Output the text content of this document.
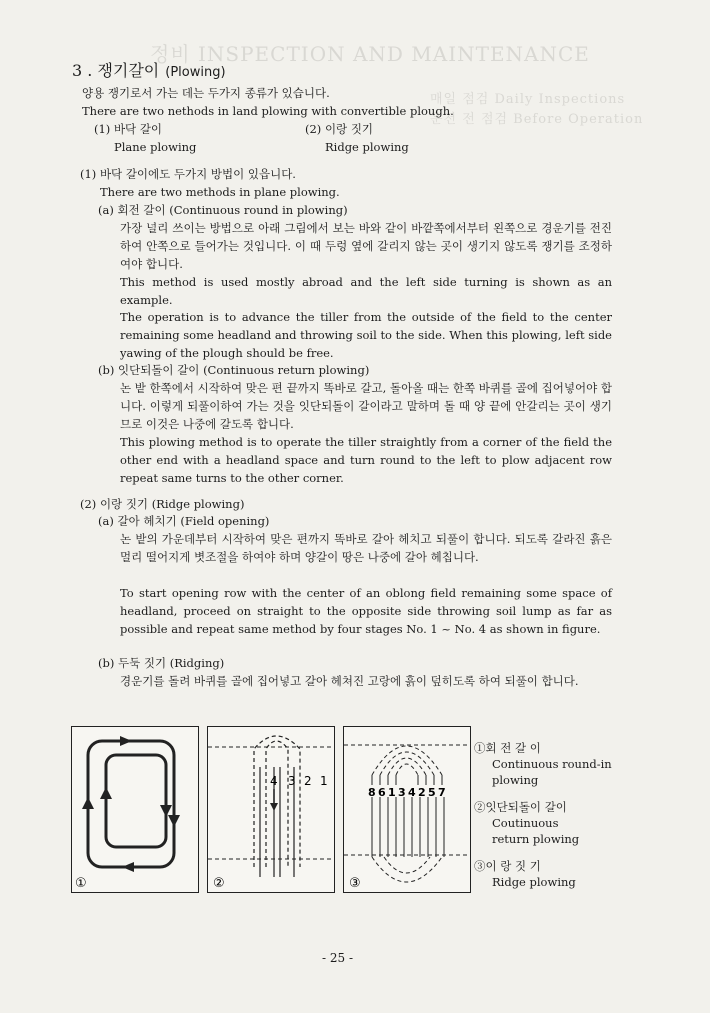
정비 INSPECTION AND MAINTENANCE
매일 점검 Daily Inspections
운전 전 점검 Before Operation
3 . 쟁기갈이 (Plowing)
양용 쟁기로서 가는 데는 두가지 종류가 있습니다.
There are two nethods in land plowing with convertible plough.
(1) 바닥 갈이	(2) 이랑 짓기
Plane plowing	Ridge plowing
(1) 바닥 갈이에도 두가지 방법이 있읍니다.
There are two methods in plane plowing.
(a) 회전 갈이 (Continuous round in plowing)
가장 널리 쓰이는 방법으로 아래 그림에서 보는 바와 같이 바깥쪽에서부터 왼쪽으로 경운기를 전진하여 안쪽으로 들어가는 것입니다. 이 때 두렁 옆에 갈리지 않는 곳이 생기지 않도록 쟁기를 조정하여야 합니다.
This method is used mostly abroad and the left side turning is shown as an example.
The operation is to advance the tiller from the outside of the field to the center remaining some headland and throwing soil to the side. When this plowing, left side yawing of the plough should be free.
(b) 잇단되돌이 갈이 (Continuous return plowing)
논 밭 한쪽에서 시작하여 맞은 편 끝까지 똑바로 갈고, 돌아올 때는 한쪽 바퀴를 골에 집어넣어야 합니다. 이렇게 되풀이하여 가는 것을 잇단되돌이 갈이라고 말하며 돌 때 양 끝에 안갈리는 곳이 생기므로 이것은 나중에 갈도록 합니다.
This plowing method is to operate the tiller straightly from a corner of the field the other end with a headland space and turn round to the left to plow adjacent row repeat same turns to the other corner.
(2) 이랑 짓기 (Ridge plowing)
(a) 갈아 헤치기 (Field opening)
논 밭의 가운데부터 시작하여 맞은 편까지 똑바로 갈아 헤치고 되풀이 합니다. 되도록 갈라진 흙은 멀리 떨어지게 볏조절을 하여야 하며 양갈이 땅은 나중에 갈아 헤칩니다.
To start opening row with the center of an oblong field remaining some space of headland, proceed on straight to the opposite side throwing soil lump as far as possible and repeat same method by four stages No. 1 ~ No. 4 as shown in figure.
(b) 두둑 짓기 (Ridging)
경운기를 돌려 바퀴를 골에 집어넣고 갈아 헤쳐진 고랑에 흙이 덮히도록 하여 되풀이 합니다.
①
4 3 2 1
②
8 6 1 3 4 2 5 7
③
①회 전 갈 이
Continuous round-in plowing
②잇단되돌이 갈이
Coutinuous return plowing
③이 랑 짓 기
Ridge plowing
- 25 -
